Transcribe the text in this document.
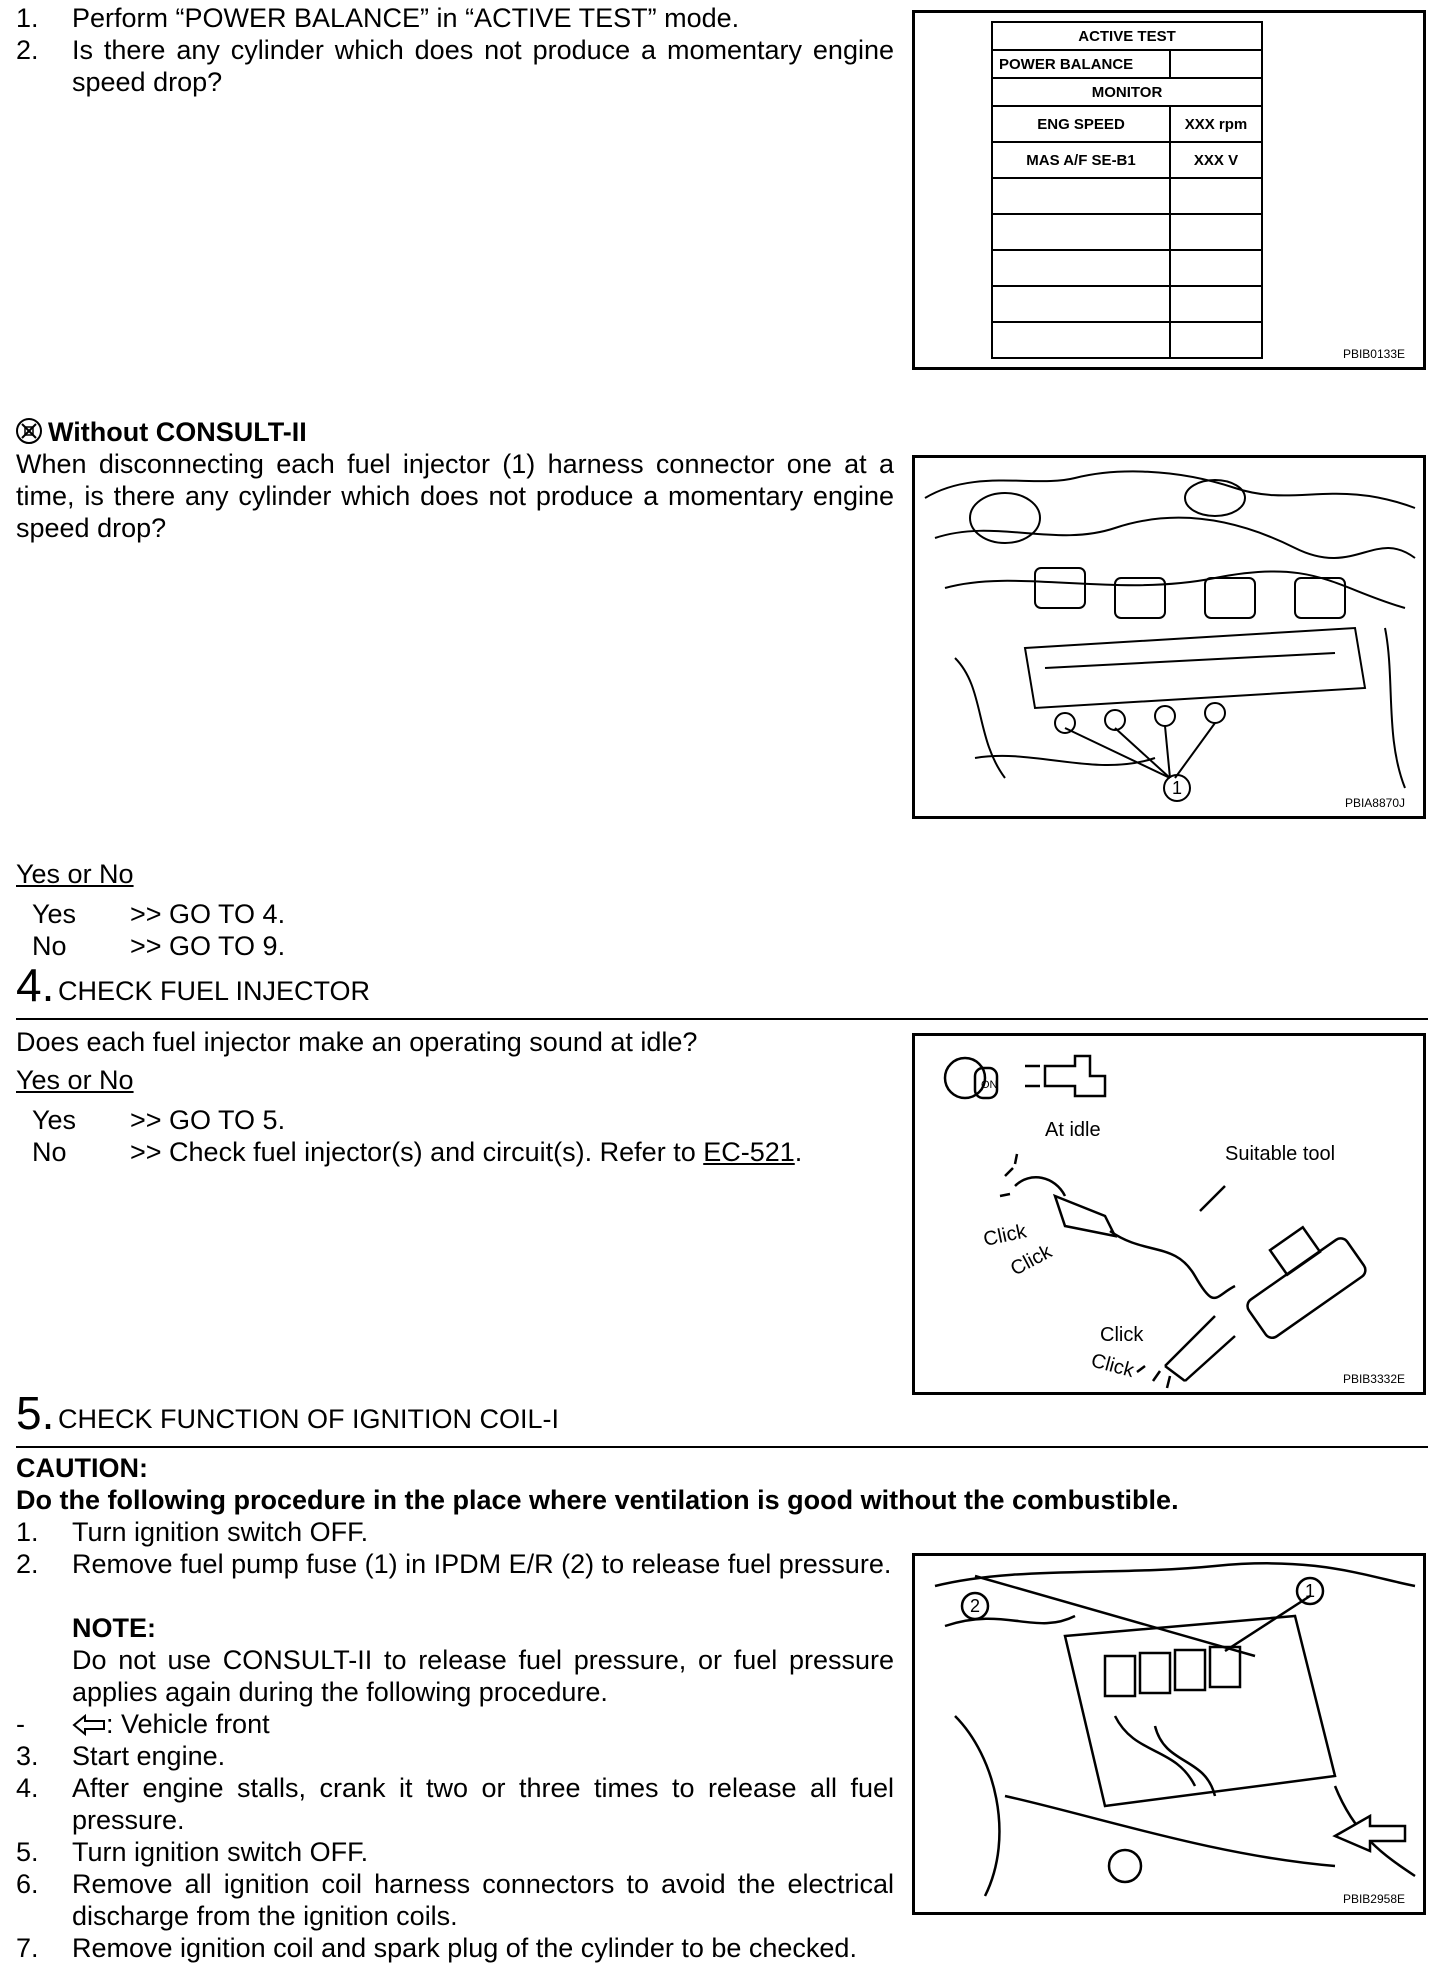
1. Perform “POWER BALANCE” in “ACTIVE TEST” mode.
2. Is there any cylinder which does not produce a momentary engine speed drop?
ACTIVE TEST	
POWER BALANCE	
MONITOR	
ENG SPEED	XXX rpm
MAS A/F SE-B1	XXX V

PBIB0133E
Without CONSULT-II
When disconnecting each fuel injector (1) harness connector one at a time, is there any cylinder which does not produce a momentary engine speed drop?
1
PBIA8870J
Yes or No
Yes >> GO TO 4.
No >> GO TO 9.
4. CHECK FUEL INJECTOR
Does each fuel injector make an operating sound at idle?
Yes or No
Yes >> GO TO 5.
No >> Check fuel injector(s) and circuit(s). Refer to EC-521.
ON
At idle
Suitable tool
Click
Click
Click
Click	PBIB3332E
5. CHECK FUNCTION OF IGNITION COIL-I
CAUTION:
Do the following procedure in the place where ventilation is good without the combustible.
1. Turn ignition switch OFF.
2. Remove fuel pump fuse (1) in IPDM E/R (2) to release fuel pressure.
NOTE:
Do not use CONSULT-II to release fuel pressure, or fuel pressure applies again during the following procedure.
-	: Vehicle front
3. Start engine.
4. After engine stalls, crank it two or three times to release all fuel pressure.
5. Turn ignition switch OFF.
6. Remove all ignition coil harness connectors to avoid the electrical discharge from the ignition coils.
7. Remove ignition coil and spark plug of the cylinder to be checked.
2
1
PBIB2958E
